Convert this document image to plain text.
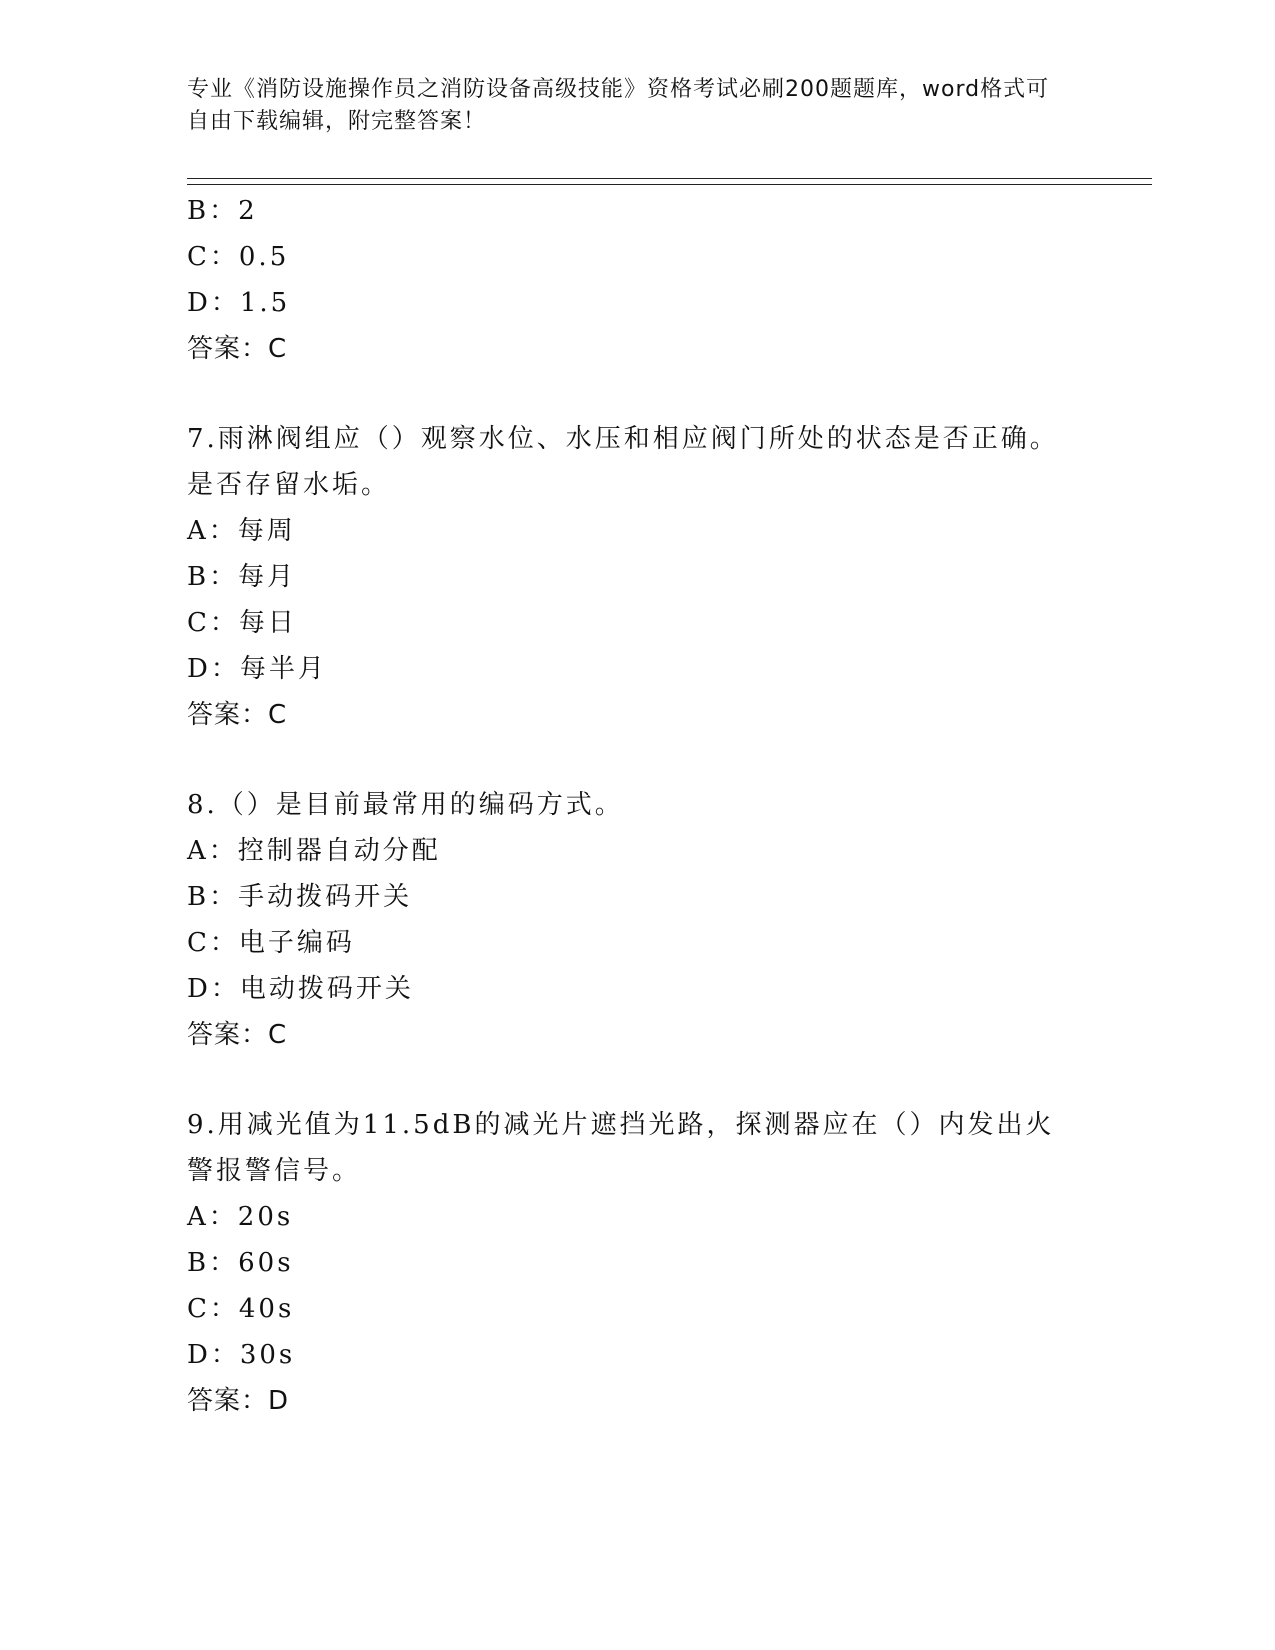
专业《消防设施操作员之消防设备高级技能》资格考试必刷200题题库，word格式可自由下载编辑，附完整答案！
B：2
C：0.5
D：1.5
答案：C
7.雨淋阀组应（）观察水位、水压和相应阀门所处的状态是否正确。是否存留水垢。
A：每周
B：每月
C：每日
D：每半月
答案：C
8.（）是目前最常用的编码方式。
A：控制器自动分配
B：手动拨码开关
C：电子编码
D：电动拨码开关
答案：C
9.用减光值为11.5dB的减光片遮挡光路，探测器应在（）内发出火警报警信号。
A：20s
B：60s
C：40s
D：30s
答案：D
